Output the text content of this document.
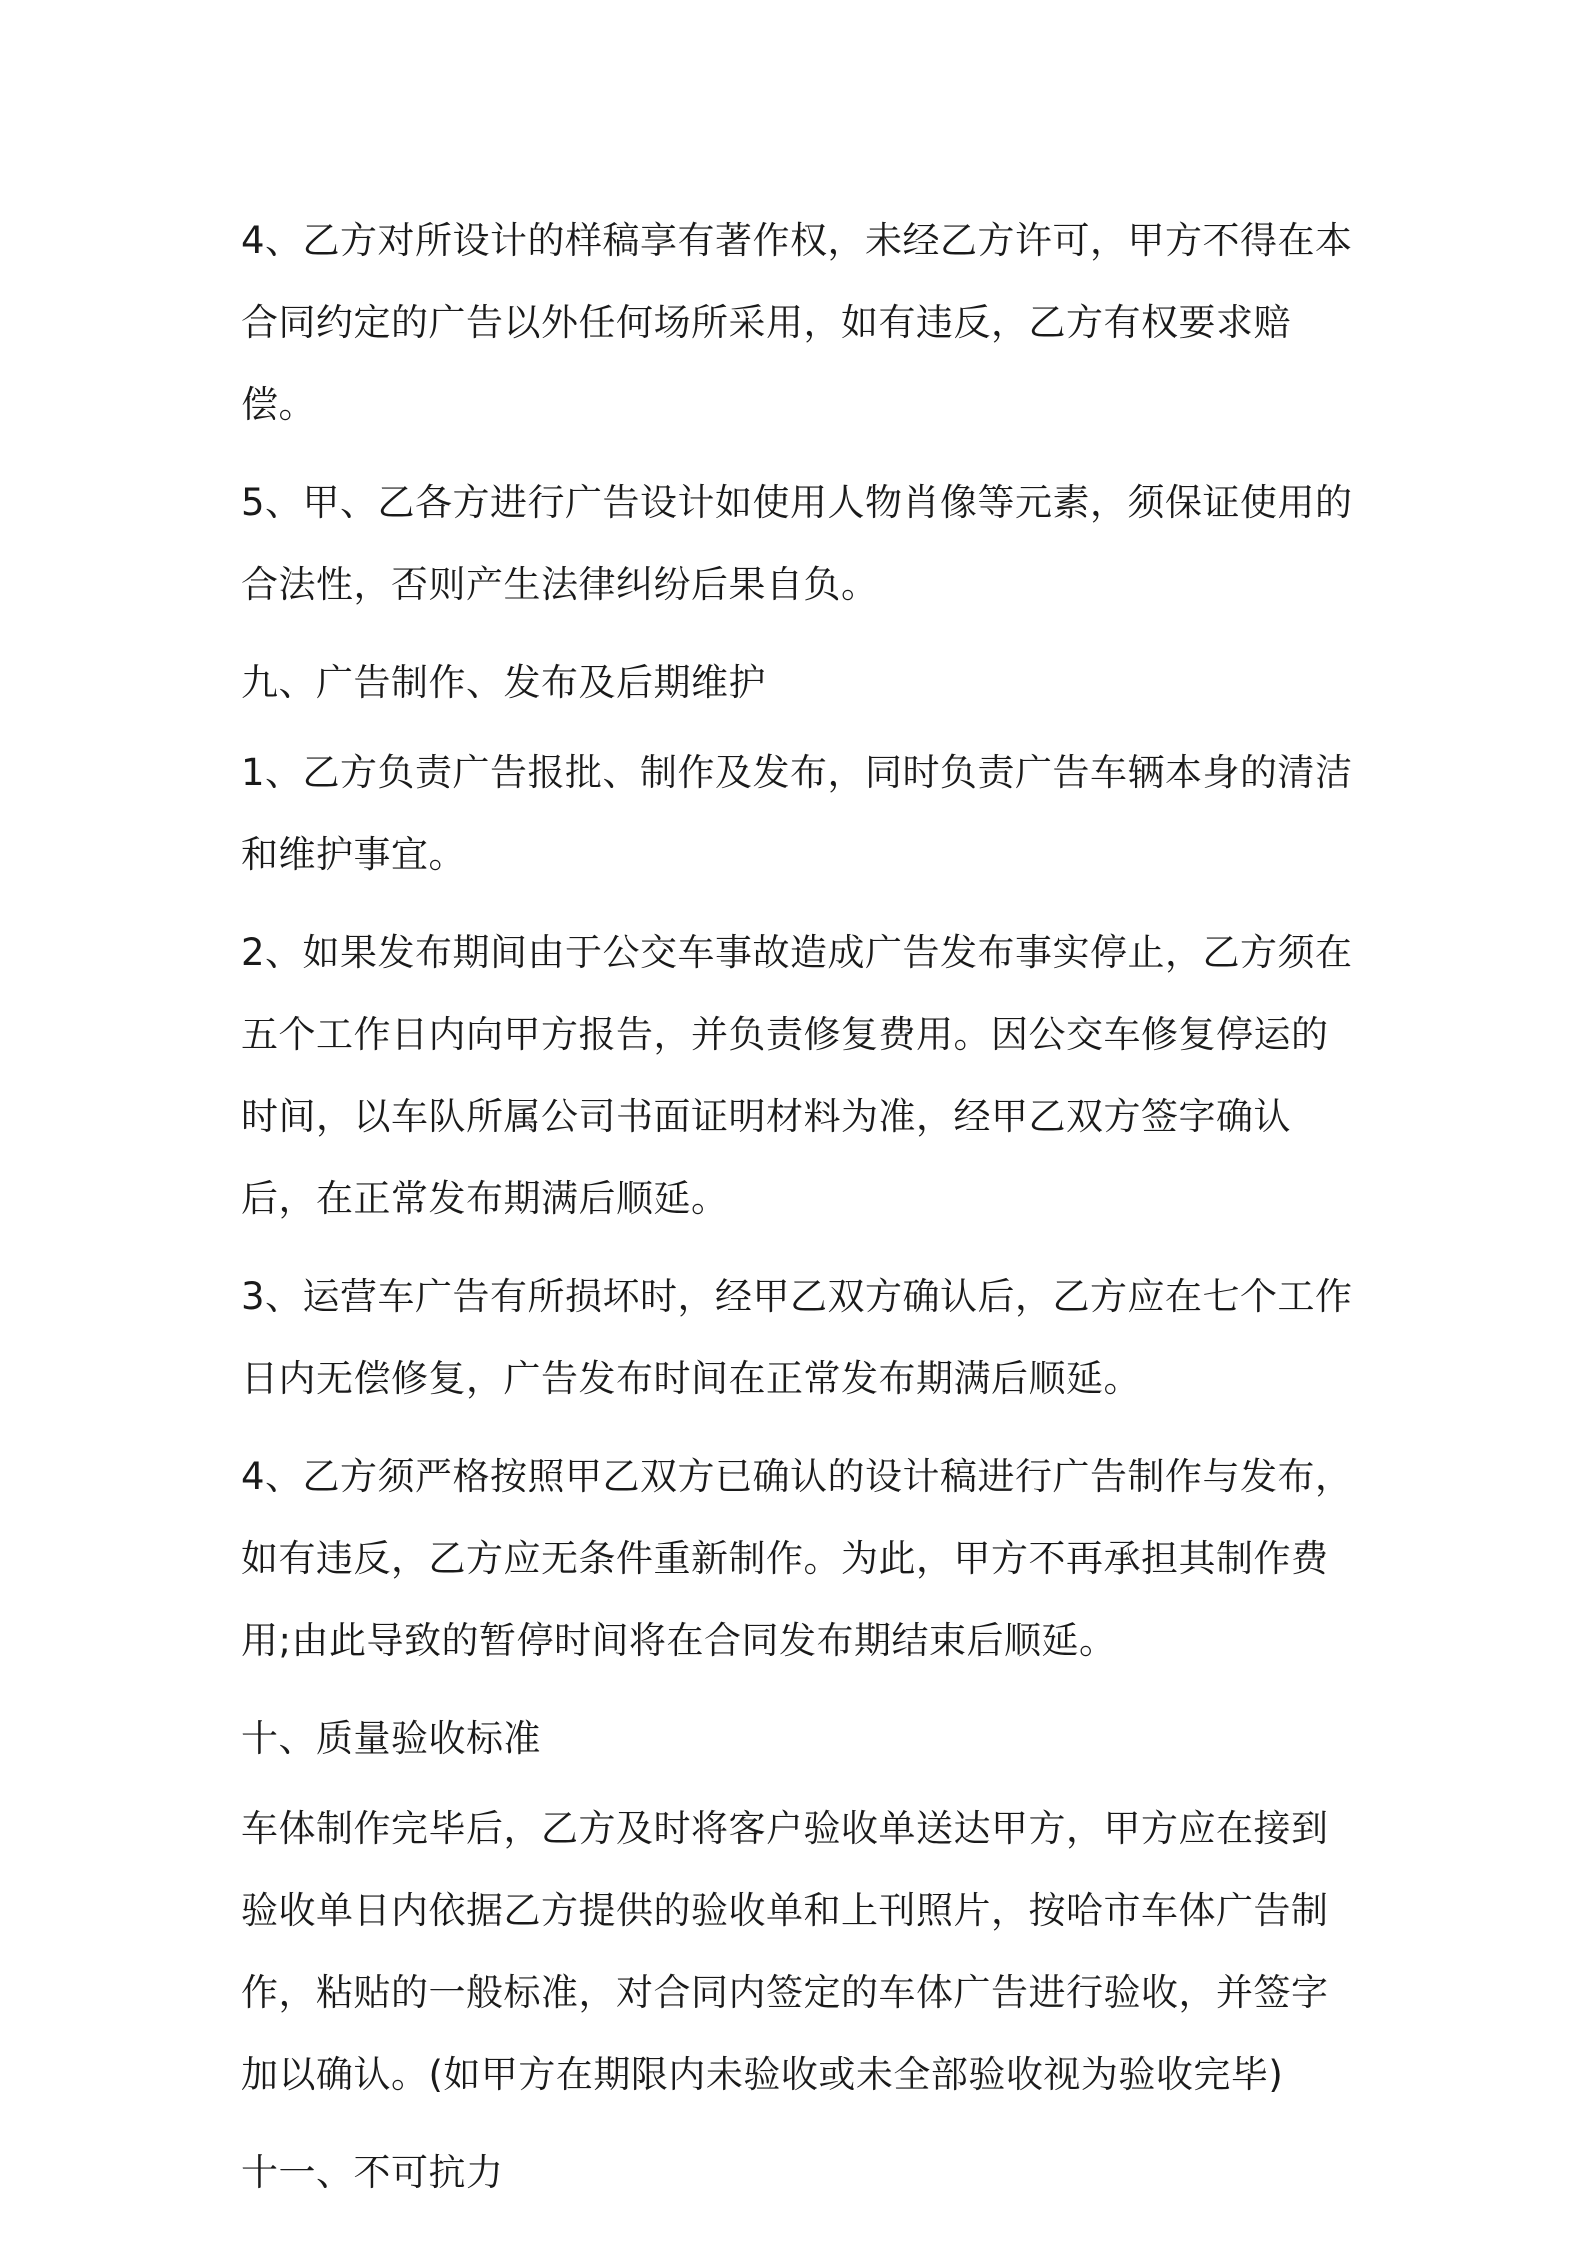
4、乙方对所设计的样稿享有著作权，未经乙方许可，甲方不得在本合同约定的广告以外任何场所采用，如有违反，乙方有权要求赔偿。

5、甲、乙各方进行广告设计如使用人物肖像等元素，须保证使用的合法性，否则产生法律纠纷后果自负。

九、广告制作、发布及后期维护

1、乙方负责广告报批、制作及发布，同时负责广告车辆本身的清洁和维护事宜。

2、如果发布期间由于公交车事故造成广告发布事实停止，乙方须在五个工作日内向甲方报告，并负责修复费用。因公交车修复停运的时间，以车队所属公司书面证明材料为准，经甲乙双方签字确认后，在正常发布期满后顺延。

3、运营车广告有所损坏时，经甲乙双方确认后，乙方应在七个工作日内无偿修复，广告发布时间在正常发布期满后顺延。

4、乙方须严格按照甲乙双方已确认的设计稿进行广告制作与发布，如有违反，乙方应无条件重新制作。为此，甲方不再承担其制作费用;由此导致的暂停时间将在合同发布期结束后顺延。

十、质量验收标准

车体制作完毕后，乙方及时将客户验收单送达甲方，甲方应在接到验收单日内依据乙方提供的验收单和上刊照片，按哈市车体广告制作，粘贴的一般标准，对合同内签定的车体广告进行验收，并签字加以确认。(如甲方在期限内未验收或未全部验收视为验收完毕)

十一、不可抗力
